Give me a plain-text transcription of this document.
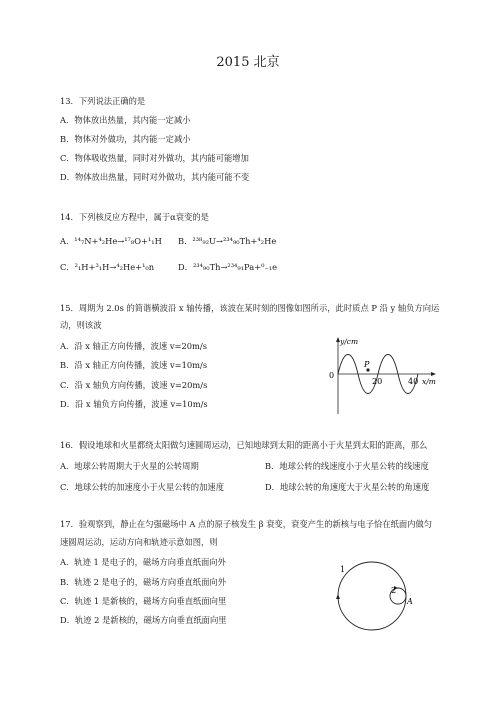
2015 北京
13．下列说法正确的是
A．物体放出热量，其内能一定减小
B．物体对外做功，其内能一定减小
C．物体吸收热量，同时对外做功，其内能可能增加
D．物体放出热量，同时对外做功，其内能可能不变
14．下列核反应方程中，属于α衰变的是
A．¹⁴₇N+⁴₂He→¹⁷₈O+¹₁H B．²³⁸₉₂U→²³⁴₉₀Th+⁴₂He
C．²₁H+³₁H→⁴₂He+¹₀n	D．²³⁴₉₀Th→²³⁴₉₁Pa+⁰₋₁e
15．周期为 2.0s 的简谐横波沿 x 轴传播，该波在某时刻的图像如图所示，此时质点 P 沿 y 轴负方向运
动，则该波
A．沿 x 轴正方向传播，波速 v=20m/s
B．沿 x 轴正方向传播，波速 v=10m/s
C．沿 x 轴负方向传播，波速 v=20m/s
D．沿 x 轴负方向传播，波速 v=10m/s
y/cm
0
P
20	40 x/m
16．假设地球和火星都绕太阳做匀速圆周运动，已知地球到太阳的距离小于火星到太阳的距离，那么
A．地球公转周期大于火星的公转周期	B．地球公转的线速度小于火星公转的线速度
C．地球公转的加速度小于火星公转的加速度	D．地球公转的角速度大于火星公转的角速度
17．验观察到，静止在匀强磁场中 A 点的原子核发生 β 衰变，衰变产生的新核与电子恰在纸面内做匀
速圆周运动，运动方向和轨迹示意如图，则
A．轨迹 1 是电子的，磁场方向垂直纸面向外
B．轨迹 2 是电子的，磁场方向垂直纸面向外
C．轨迹 1 是新核的，磁场方向垂直纸面向里
D．轨迹 2 是新核的，磁场方向垂直纸面向里
1
2
A
